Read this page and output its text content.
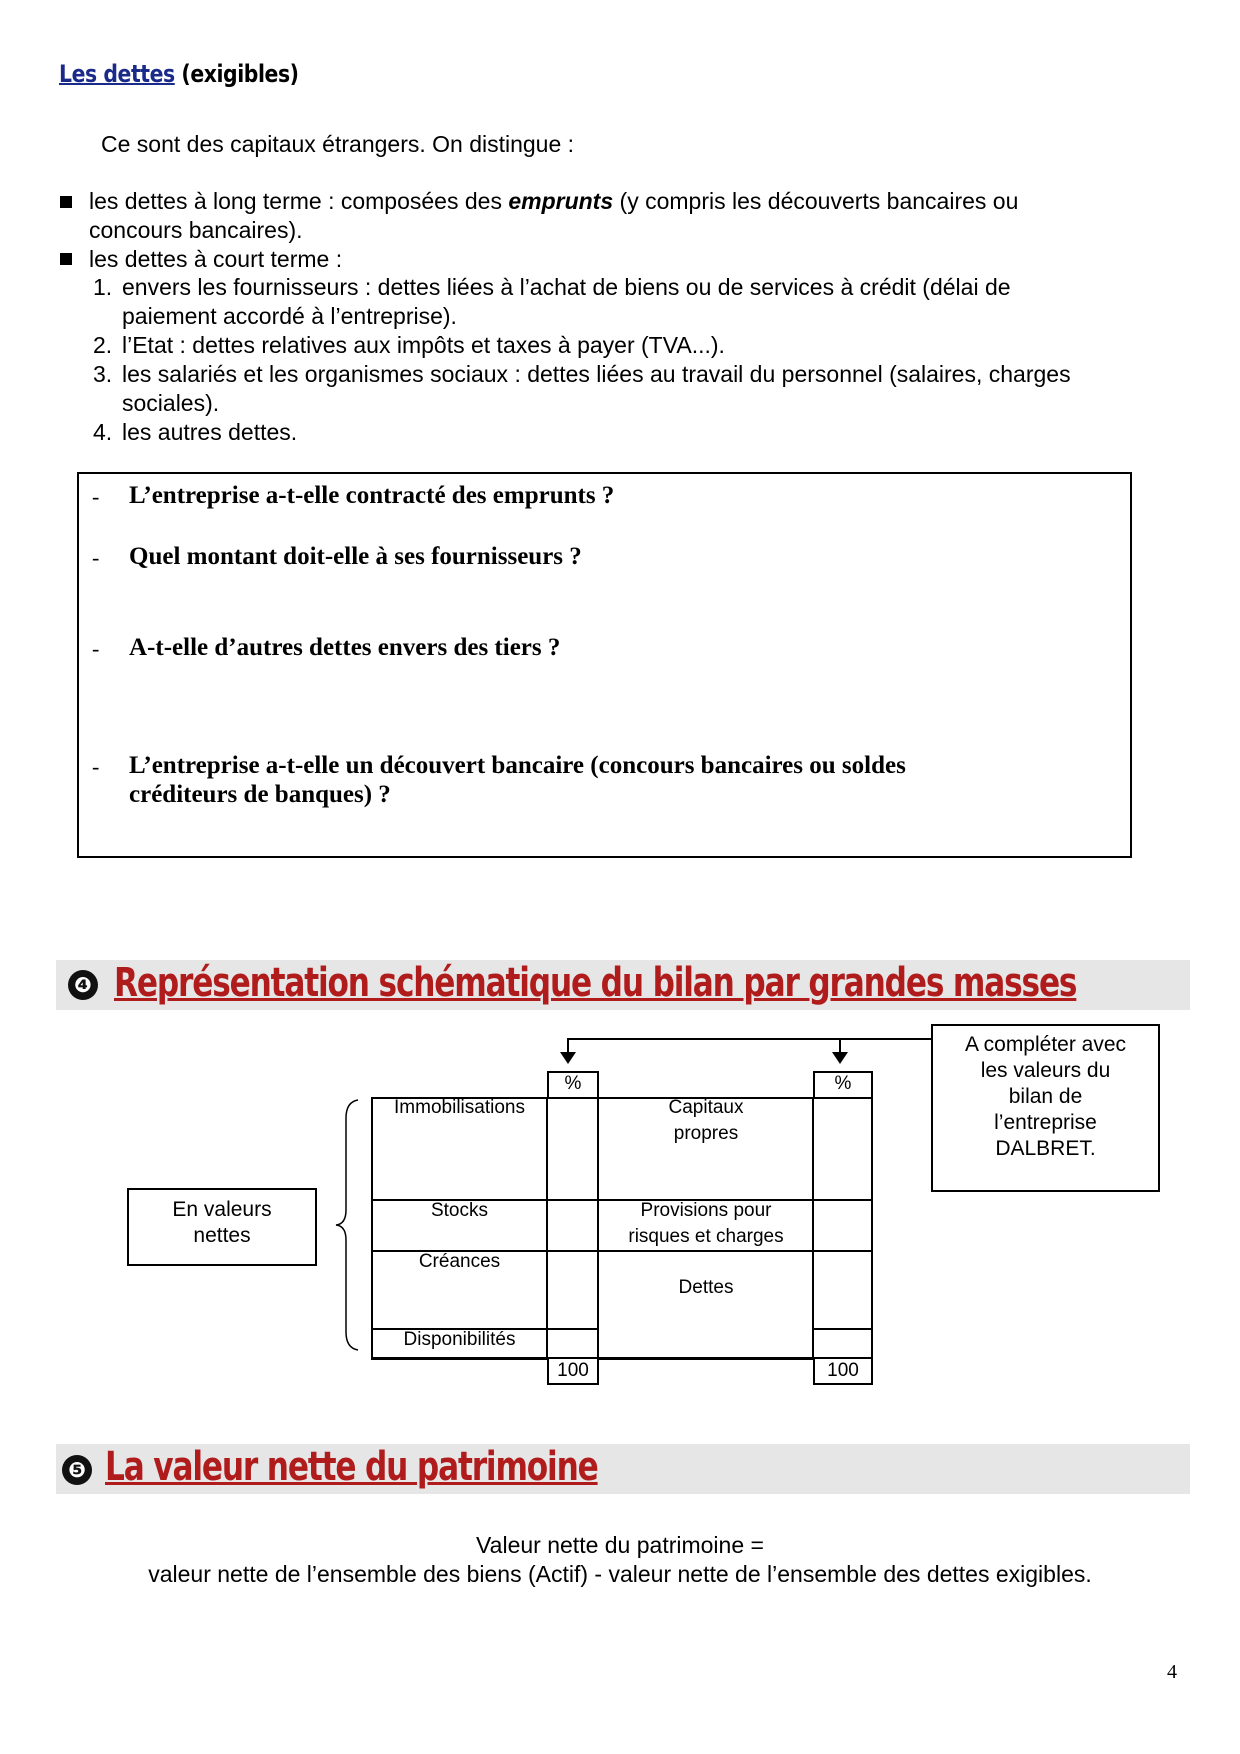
Les dettes (exigibles)
Ce sont des capitaux étrangers. On distingue :
les dettes à long terme : composées des emprunts (y compris les découverts bancaires ou
concours bancaires).
les dettes à court terme :
1. envers les fournisseurs : dettes liées à l’achat de biens ou de services à crédit (délai de
paiement accordé à l’entreprise).
2. l’Etat : dettes relatives aux impôts et taxes à payer (TVA...).
3. les salariés et les organismes sociaux : dettes liées au travail du personnel (salaires, charges
sociales).
4. les autres dettes.
- L’entreprise a-t-elle contracté des emprunts ?
- Quel montant doit-elle à ses fournisseurs ?
- A-t-elle d’autres dettes envers des tiers ?
- L’entreprise a-t-elle un découvert bancaire (concours bancaires ou soldes
créditeurs de banques) ?
❹ Représentation schématique du bilan par grandes masses
A compléter avec
les valeurs du
bilan de
l’entreprise
DALBRET.
En valeurs
nettes
%	%
Immobilisations
Stocks
Créances
Disponibilités
Capitaux
propres
Provisions pour
risques et charges
Dettes
100	100
❺ La valeur nette du patrimoine
Valeur nette du patrimoine =
valeur nette de l’ensemble des biens (Actif) - valeur nette de l’ensemble des dettes exigibles.
4
